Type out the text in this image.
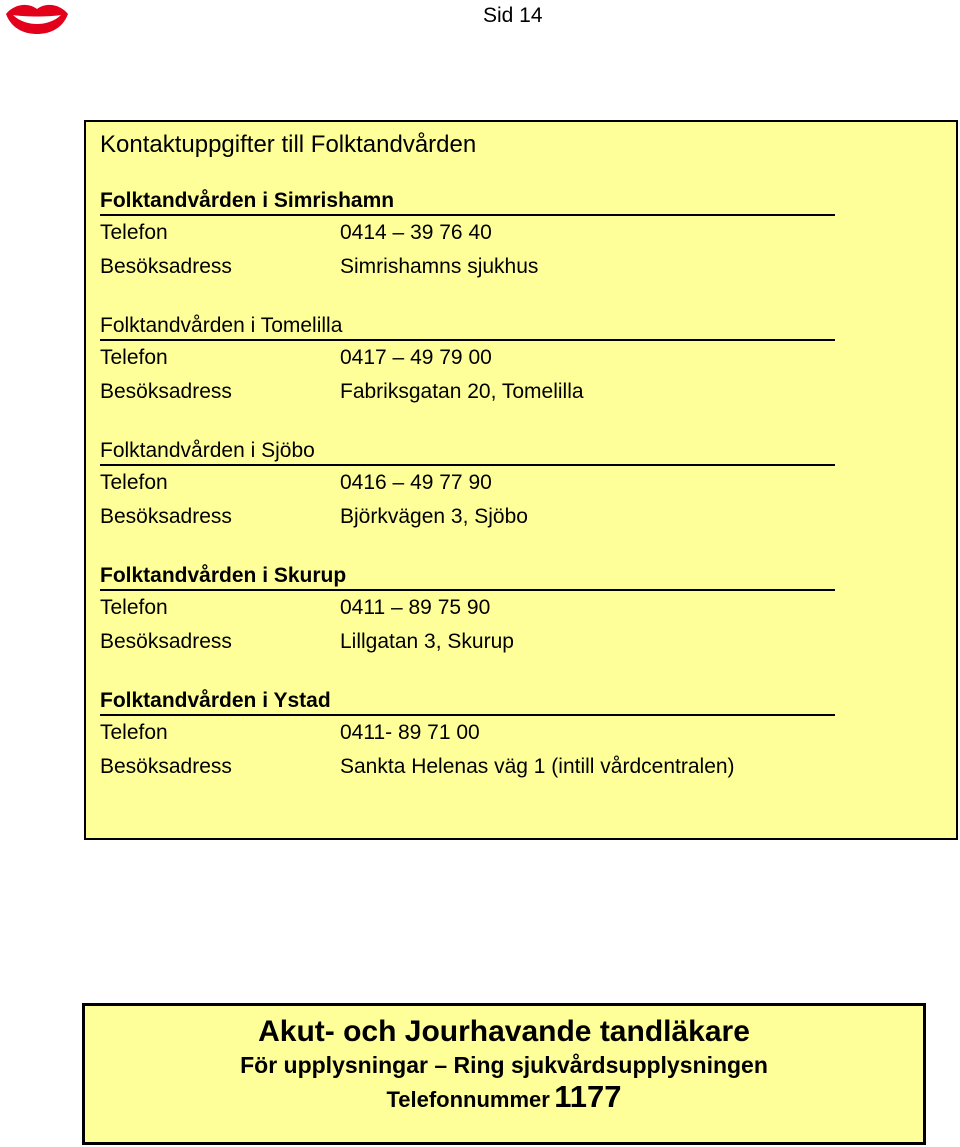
Sid 14
Kontaktuppgifter till Folktandvården
Folktandvården i Simrishamn
Telefon	0414 – 39 76 40
Besöksadress	Simrishamns sjukhus
Folktandvården i Tomelilla
Telefon	0417 – 49 79 00
Besöksadress	Fabriksgatan 20, Tomelilla
Folktandvården i Sjöbo
Telefon	0416 – 49 77 90
Besöksadress	Björkvägen 3, Sjöbo
Folktandvården i Skurup
Telefon	0411 – 89 75 90
Besöksadress	Lillgatan 3, Skurup
Folktandvården i Ystad
Telefon	0411- 89 71 00
Besöksadress	Sankta Helenas väg 1 (intill vårdcentralen)
Akut- och Jourhavande tandläkare
För upplysningar – Ring sjukvårdsupplysningen
Telefonnummer 1177
